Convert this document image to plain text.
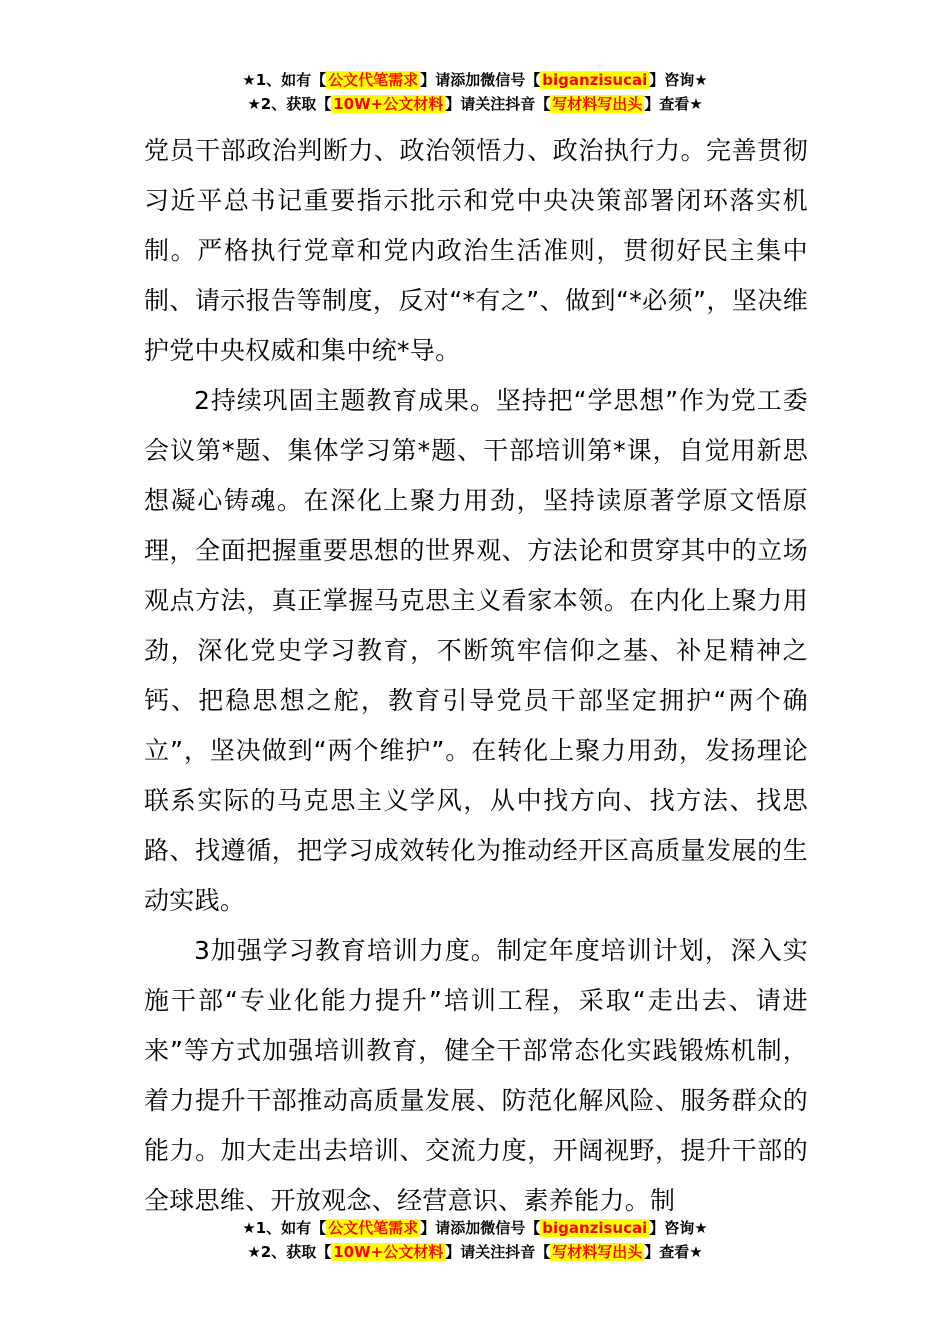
★1、如有【 公文代笔需求 】请添加微信号【 biganzisucai 】咨询★
★2、获取【 10W+公文材料 】请关注抖音【 写材料写出头 】查看★

党员干部政治判断力、政治领悟力、政治执行力。完善贯彻习近平总书记重要指示批示和党中央决策部署闭环落实机制。严格执行党章和党内政治生活准则，贯彻好民主集中制、请示报告等制度，反对“*有之”、做到“*必须”，坚决维护党中央权威和集中统*导。

2持续巩固主题教育成果。坚持把“学思想”作为党工委会议第*题、集体学习第*题、干部培训第*课，自觉用新思想凝心铸魂。在深化上聚力用劲，坚持读原著学原文悟原理，全面把握重要思想的世界观、方法论和贯穿其中的立场观点方法，真正掌握马克思主义看家本领。在内化上聚力用劲，深化党史学习教育，不断筑牢信仰之基、补足精神之钙、把稳思想之舵，教育引导党员干部坚定拥护“两个确立”，坚决做到“两个维护”。在转化上聚力用劲，发扬理论联系实际的马克思主义学风，从中找方向、找方法、找思路、找遵循，把学习成效转化为推动经开区高质量发展的生动实践。

3加强学习教育培训力度。制定年度培训计划，深入实施干部“专业化能力提升”培训工程，采取“走出去、请进来”等方式加强培训教育，健全干部常态化实践锻炼机制，着力提升干部推动高质量发展、防范化解风险、服务群众的能力。加大走出去培训、交流力度，开阔视野，提升干部的全球思维、开放观念、经营意识、素养能力。制

★1、如有【 公文代笔需求 】请添加微信号【 biganzisucai 】咨询★
★2、获取【 10W+公文材料 】请关注抖音【 写材料写出头 】查看★
